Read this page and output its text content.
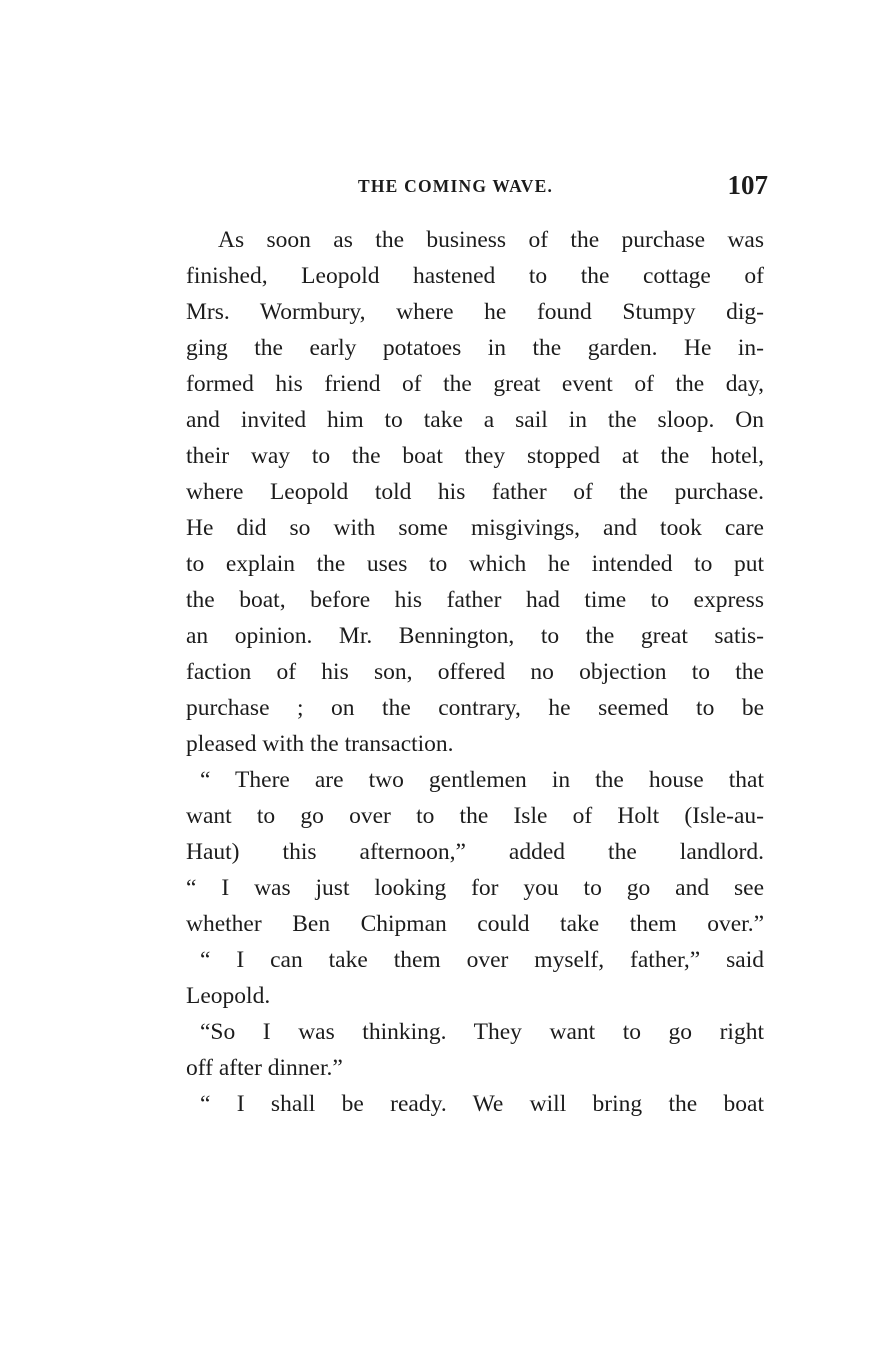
THE COMING WAVE.	107
As soon as the business of the purchase was
finished, Leopold hastened to the cottage of
Mrs. Wormbury, where he found Stumpy dig-
ging the early potatoes in the garden. He in-
formed his friend of the great event of the day,
and invited him to take a sail in the sloop. On
their way to the boat they stopped at the hotel,
where Leopold told his father of the purchase.
He did so with some misgivings, and took care
to explain the uses to which he intended to put
the boat, before his father had time to express
an opinion. Mr. Bennington, to the great satis-
faction of his son, offered no objection to the
purchase ; on the contrary, he seemed to be
pleased with the transaction.
“ There are two gentlemen in the house that
want to go over to the Isle of Holt (Isle-au-
Haut) this afternoon,” added the landlord.
“ I was just looking for you to go and see
whether Ben Chipman could take them over.”
“ I can take them over myself, father,” said
Leopold.
“So I was thinking. They want to go right
off after dinner.”
“ I shall be ready. We will bring the boat
